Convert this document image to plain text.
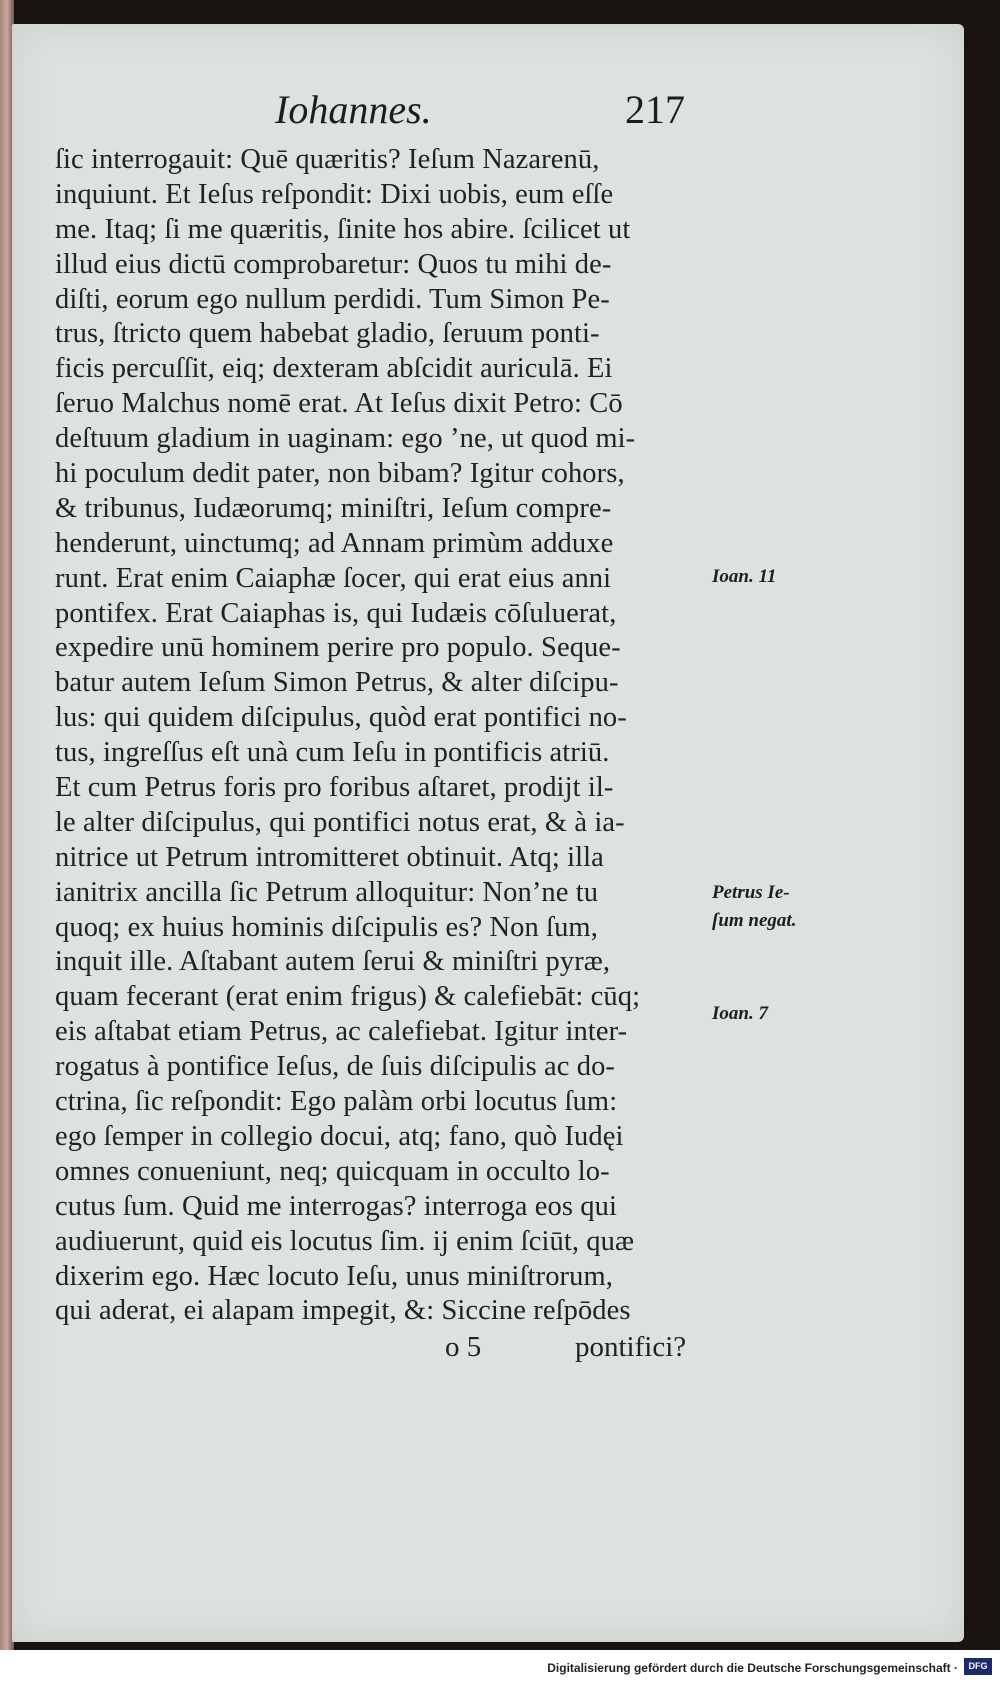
Iohannes.	217
ſic interrogauit: Quē quæritis? Ieſum Nazarenū,
inquiunt. Et Ieſus reſpondit: Dixi uobis, eum eſſe
me. Itaq; ſi me quæritis, ſinite hos abire. ſcilicet ut
illud eius dictū comprobaretur: Quos tu mihi de-
diſti, eorum ego nullum perdidi. Tum Simon Pe-
trus, ſtricto quem habebat gladio, ſeruum ponti-
ficis percuſſit, eiq; dexteram abſcidit auriculā. Ei
ſeruo Malchus nomē erat. At Ieſus dixit Petro: Cō
deſtuum gladium in uaginam: ego ’ne, ut quod mi-
hi poculum dedit pater, non bibam? Igitur cohors,
& tribunus, Iudæorumq; miniſtri, Ieſum compre-
henderunt, uinctumq; ad Annam primùm adduxe
runt. Erat enim Caiaphæ ſocer, qui erat eius anni
pontifex. Erat Caiaphas is, qui Iudæis cōſuluerat,
expedire unū hominem perire pro populo. Seque-
batur autem Ieſum Simon Petrus, & alter diſcipu-
lus: qui quidem diſcipulus, quòd erat pontifici no-
tus, ingreſſus eſt unà cum Ieſu in pontificis atriū.
Et cum Petrus foris pro foribus aſtaret, prodijt il-
le alter diſcipulus, qui pontifici notus erat, & à ia-
nitrice ut Petrum intromitteret obtinuit. Atq; illa
ianitrix ancilla ſic Petrum alloquitur: Non’ne tu
quoq; ex huius hominis diſcipulis es? Non ſum,
inquit ille. Aſtabant autem ſerui & miniſtri pyræ,
quam fecerant (erat enim frigus) & calefiebāt: cūq;
eis aſtabat etiam Petrus, ac calefiebat. Igitur inter-
rogatus à pontifice Ieſus, de ſuis diſcipulis ac do-
ctrina, ſic reſpondit: Ego palàm orbi locutus ſum:
ego ſemper in collegio docui, atq; fano, quò Iudęi
omnes conueniunt, neq; quicquam in occulto lo-
cutus ſum. Quid me interrogas? interroga eos qui
audiuerunt, quid eis locutus ſim. ij enim ſciūt, quæ
dixerim ego. Hæc locuto Ieſu, unus miniſtrorum,
qui aderat, ei alapam impegit, &: Siccine reſpōdes
Ioan. 11
Petrus Ie-
ſum negat.
Ioan. 7
o 5	pontifici?
Digitalisierung gefördert durch die Deutsche Forschungsgemeinschaft ·	DFG
